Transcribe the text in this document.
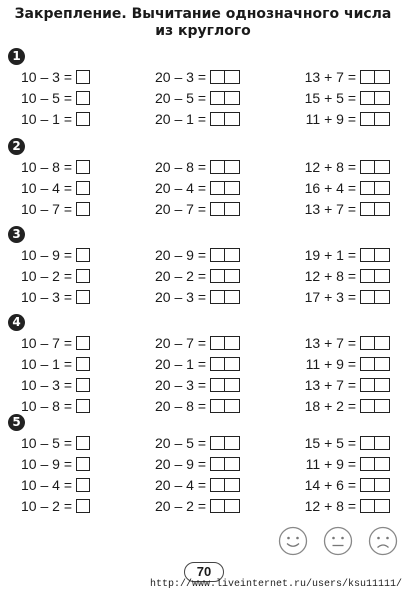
Закрепление. Вычитание однозначного числа
из круглого
1
10 – 3 =	20 – 3 =	13 + 7 =
10 – 5 =	20 – 5 =	15 + 5 =
10 – 1 =	20 – 1 =	11 + 9 =
2
10 – 8 =	20 – 8 =	12 + 8 =
10 – 4 =	20 – 4 =	16 + 4 =
10 – 7 =	20 – 7 =	13 + 7 =
3
10 – 9 =	20 – 9 =	19 + 1 =
10 – 2 =	20 – 2 =	12 + 8 =
10 – 3 =	20 – 3 =	17 + 3 =
4
10 – 7 =	20 – 7 =	13 + 7 =
10 – 1 =	20 – 1 =	11 + 9 =
10 – 3 =	20 – 3 =	13 + 7 =
10 – 8 =	20 – 8 =	18 + 2 =
5
10 – 5 =	20 – 5 =	15 + 5 =
10 – 9 =	20 – 9 =	11 + 9 =
10 – 4 =	20 – 4 =	14 + 6 =
10 – 2 =	20 – 2 =	12 + 8 =
70
http://www.liveinternet.ru/users/ksu11111/
